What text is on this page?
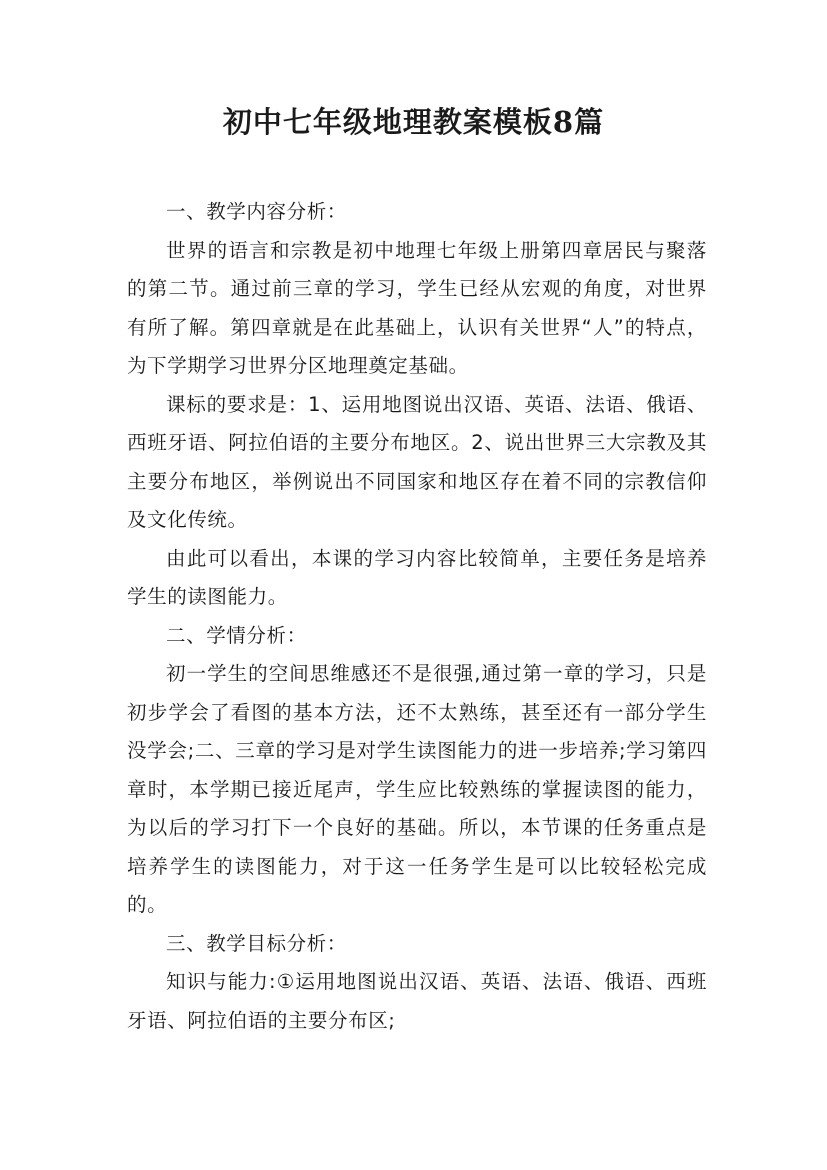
初中七年级地理教案模板8篇

一、教学内容分析：

世界的语言和宗教是初中地理七年级上册第四章居民与聚落的第二节。通过前三章的学习，学生已经从宏观的角度，对世界有所了解。第四章就是在此基础上，认识有关世界“人”的特点，为下学期学习世界分区地理奠定基础。

课标的要求是：1、运用地图说出汉语、英语、法语、俄语、西班牙语、阿拉伯语的主要分布地区。2、说出世界三大宗教及其主要分布地区，举例说出不同国家和地区存在着不同的宗教信仰及文化传统。

由此可以看出，本课的学习内容比较简单，主要任务是培养学生的读图能力。

二、学情分析：

初一学生的空间思维感还不是很强,通过第一章的学习，只是初步学会了看图的基本方法，还不太熟练，甚至还有一部分学生没学会;二、三章的学习是对学生读图能力的进一步培养;学习第四章时，本学期已接近尾声，学生应比较熟练的掌握读图的能力，为以后的学习打下一个良好的基础。所以，本节课的任务重点是培养学生的读图能力，对于这一任务学生是可以比较轻松完成的。

三、教学目标分析：

知识与能力:①运用地图说出汉语、英语、法语、俄语、西班牙语、阿拉伯语的主要分布区;
